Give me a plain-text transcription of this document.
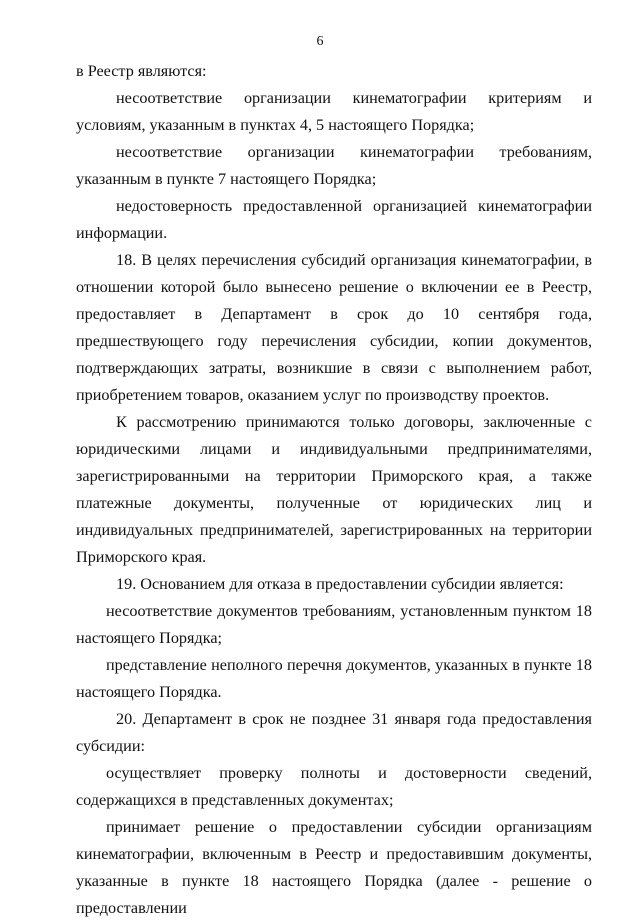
6

в Реестр являются:

несоответствие организации кинематографии критериям и условиям, указанным в пунктах 4, 5 настоящего Порядка;

несоответствие организации кинематографии требованиям, указанным в пункте 7 настоящего Порядка;

недостоверность предоставленной организацией кинематографии информации.

18. В целях перечисления субсидий организация кинематографии, в отношении которой было вынесено решение о включении ее в Реестр, предоставляет в Департамент в срок до 10 сентября года, предшествующего году перечисления субсидии, копии документов, подтверждающих затраты, возникшие в связи с выполнением работ, приобретением товаров, оказанием услуг по производству проектов.

К рассмотрению принимаются только договоры, заключенные с юридическими лицами и индивидуальными предпринимателями, зарегистрированными на территории Приморского края, а также платежные документы, полученные от юридических лиц и индивидуальных предпринимателей, зарегистрированных на территории Приморского края.

19. Основанием для отказа в предоставлении субсидии является:

несоответствие документов требованиям, установленным пунктом 18 настоящего Порядка;

представление неполного перечня документов, указанных в пункте 18 настоящего Порядка.

20. Департамент в срок не позднее 31 января года предоставления субсидии:

осуществляет проверку полноты и достоверности сведений, содержащихся в представленных документах;

принимает решение о предоставлении субсидии организациям кинематографии, включенным в Реестр и предоставившим документы, указанные в пункте 18 настоящего Порядка (далее - решение о предоставлении
